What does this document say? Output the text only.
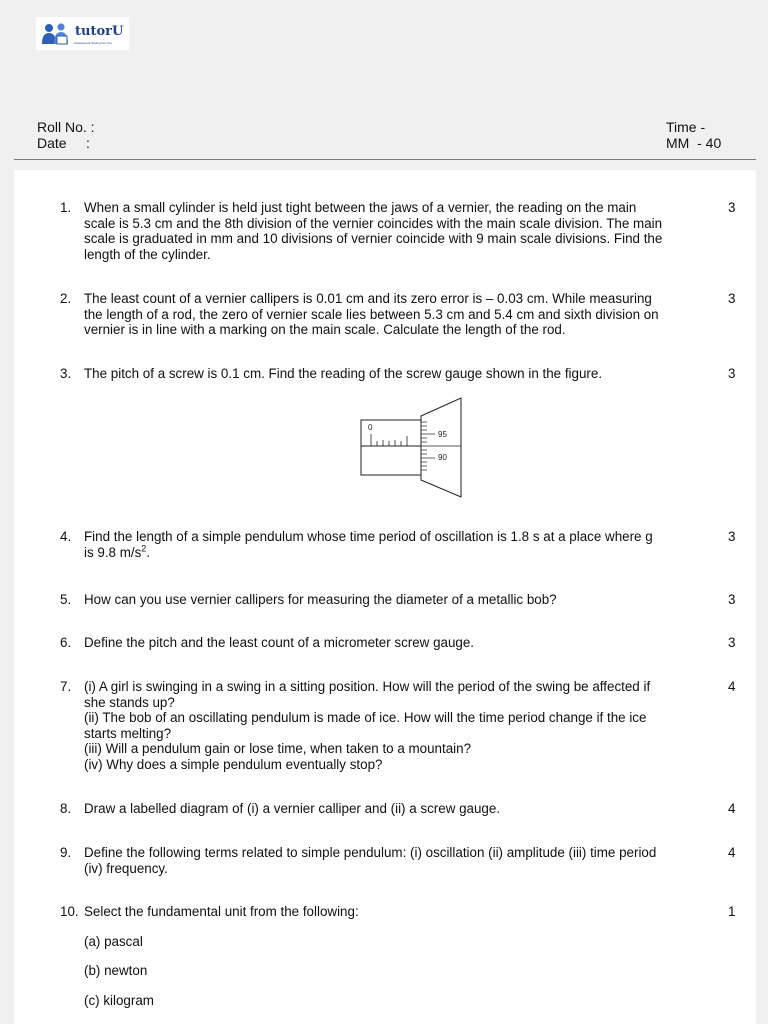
tutorU
Assessment Testing For You
Roll No. :
Date     :
Time -
MM  - 40
1. When a small cylinder is held just tight between the jaws of a vernier, the reading on the main
scale is 5.3 cm and the 8th division of the vernier coincides with the main scale division. The main
scale is graduated in mm and 10 divisions of vernier coincide with 9 main scale divisions. Find the
length of the cylinder.
3
2. The least count of a vernier callipers is 0.01 cm and its zero error is – 0.03 cm. While measuring
the length of a rod, the zero of vernier scale lies between 5.3 cm and 5.4 cm and sixth division on
vernier is in line with a marking on the main scale. Calculate the length of the rod.
3
3. The pitch of a screw is 0.1 cm. Find the reading of the screw gauge shown in the figure.	3
0
95
90
4. Find the length of a simple pendulum whose time period of oscillation is 1.8 s at a place where g
is 9.8 $m/s^2$.
3
5. How can you use vernier callipers for measuring the diameter of a metallic bob?	3
6. Define the pitch and the least count of a micrometer screw gauge.	3
7. (i) A girl is swinging in a swing in a sitting position. How will the period of the swing be affected if
she stands up?
(ii) The bob of an oscillating pendulum is made of ice. How will the time period change if the ice
starts melting?
(iii) Will a pendulum gain or lose time, when taken to a mountain?
(iv) Why does a simple pendulum eventually stop?
4
8. Draw a labelled diagram of (i) a vernier calliper and (ii) a screw gauge.	4
9. Define the following terms related to simple pendulum: (i) oscillation (ii) amplitude (iii) time period
(iv) frequency.
4
10. Select the fundamental unit from the following:	1
(a) pascal
(b) newton
(c) kilogram
